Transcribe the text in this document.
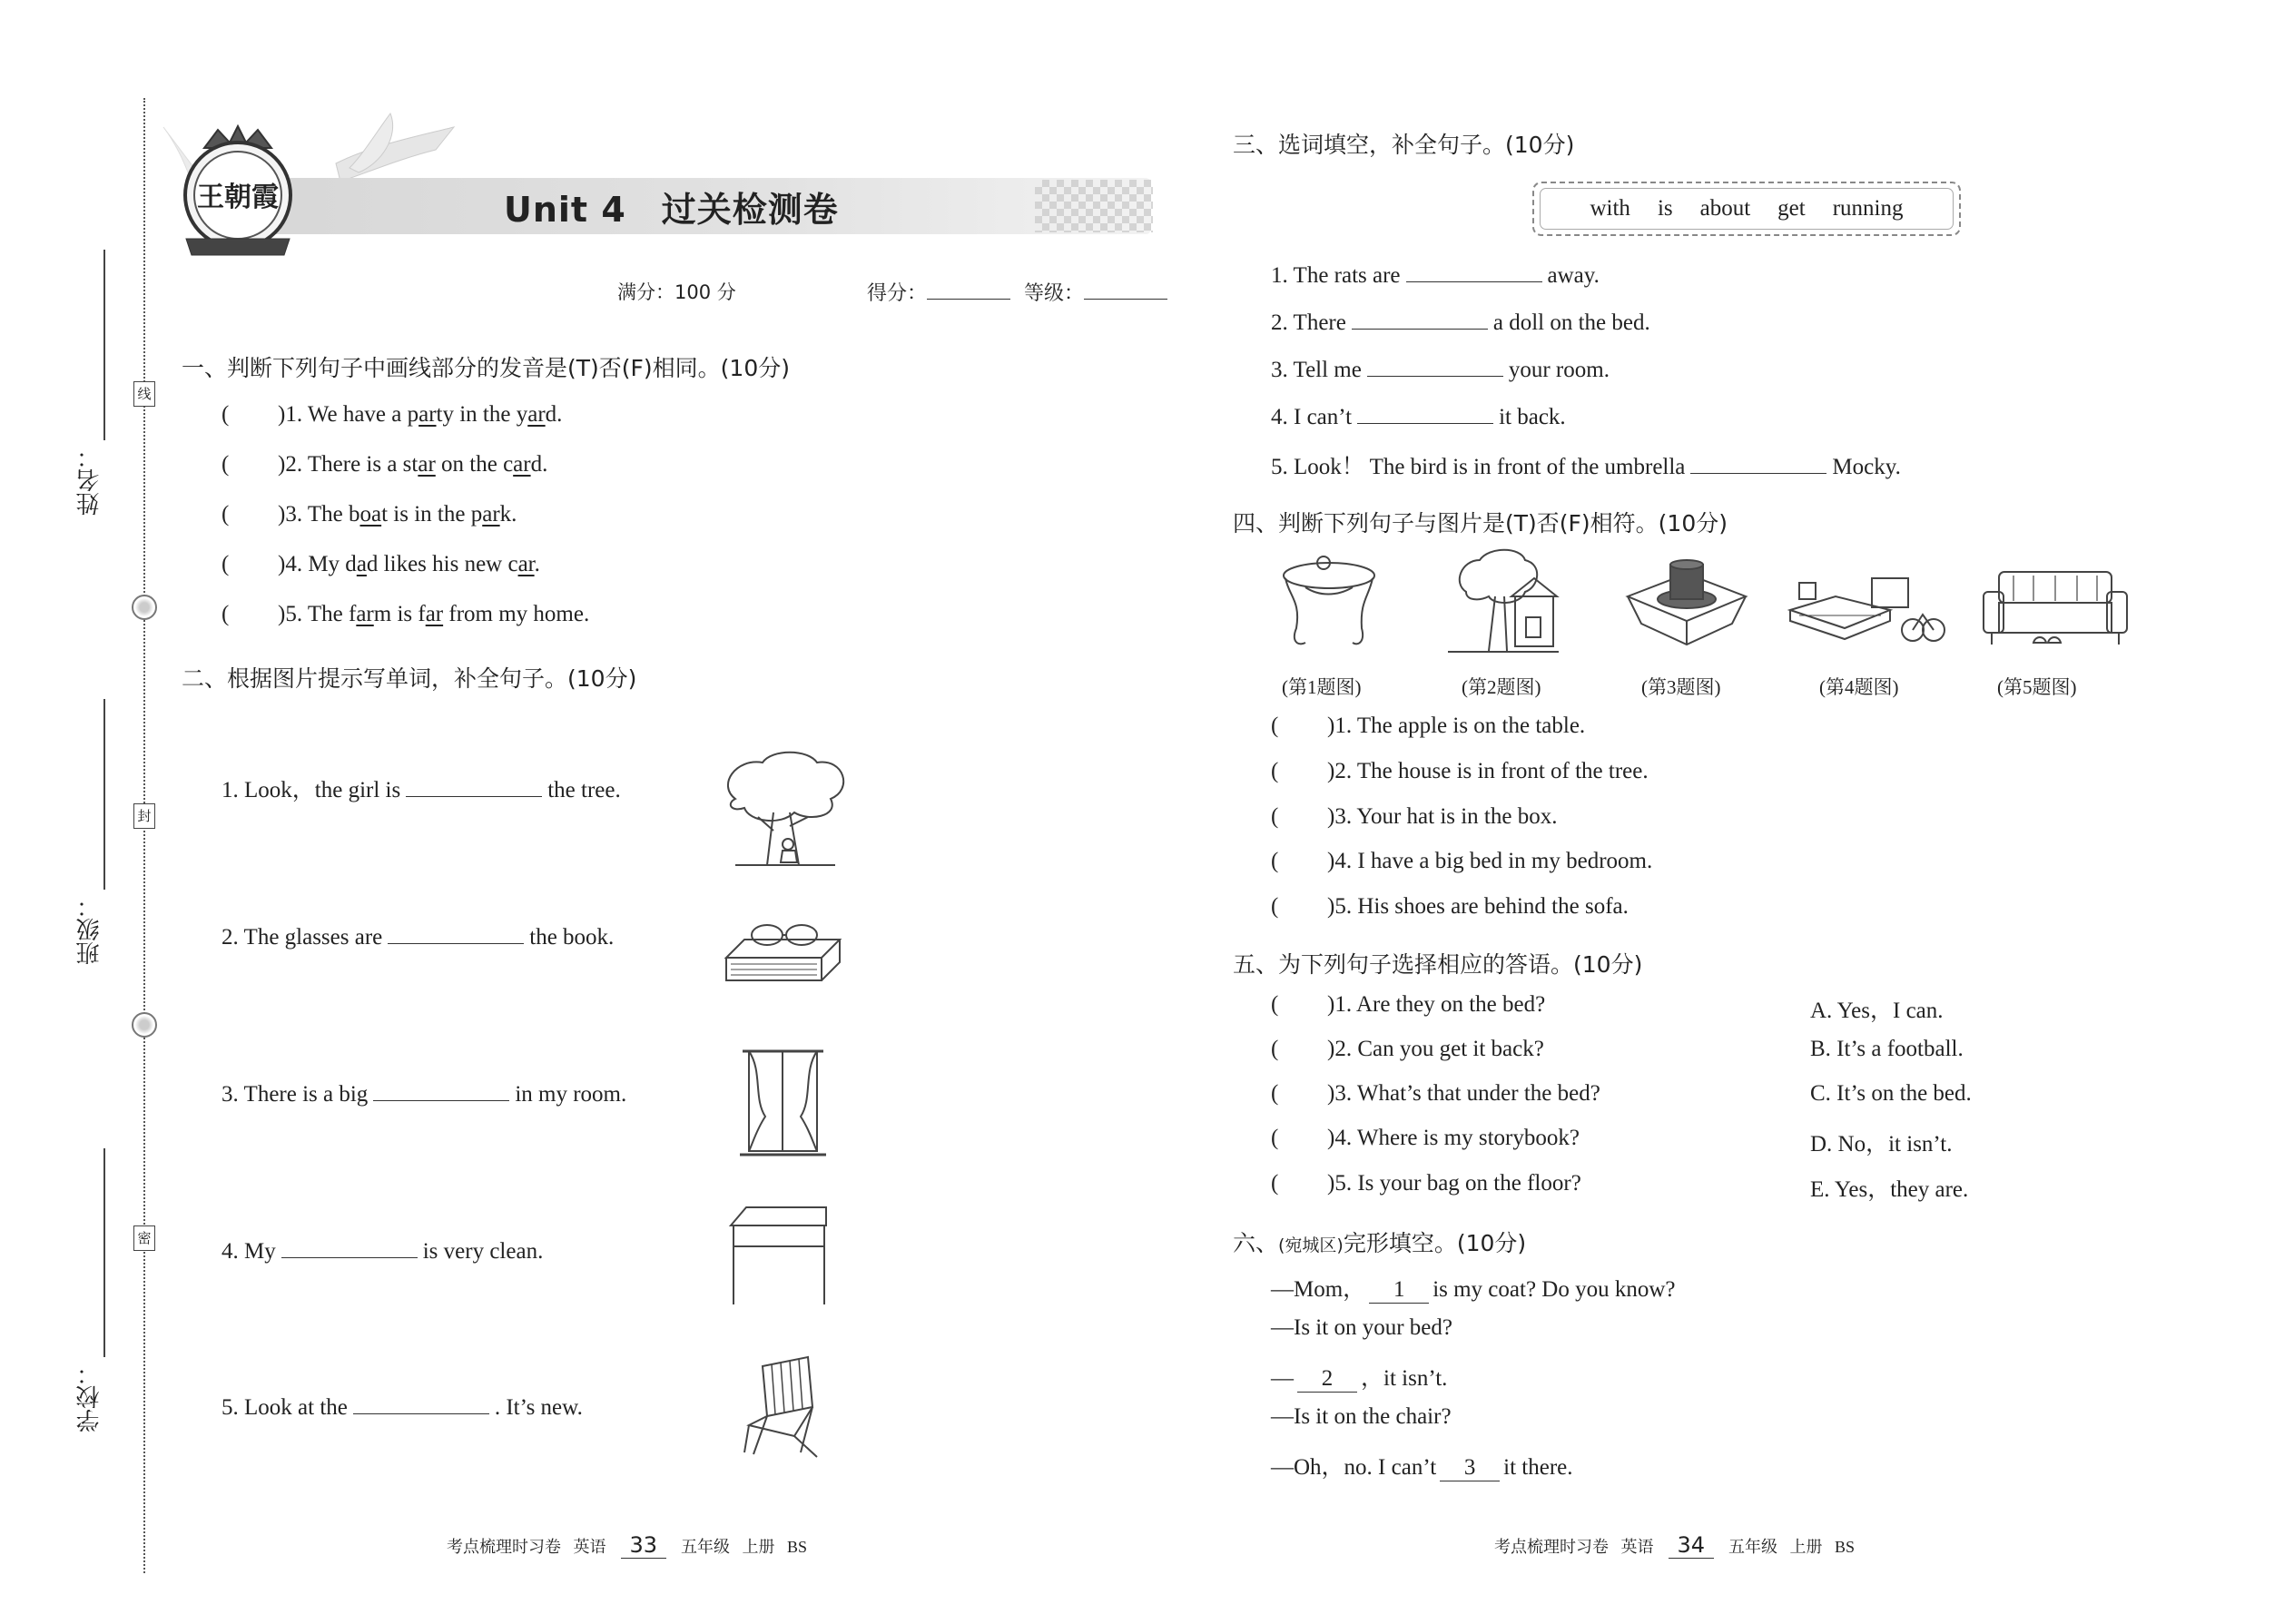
姓名：
班级：
学校：
线
封
密
王朝霞	Unit 4　过关检测卷
满分：100 分	得分：	等级：
一、判断下列句子中画线部分的发音是(T)否(F)相同。(10分)
( )1. We have a party in the yard.
( )2. There is a star on the card.
( )3. The boat is in the park.
( )4. My dad likes his new car.
( )5. The farm is far from my home.
二、根据图片提示写单词，补全句子。(10分)
1. Look，the girl is	the tree.
2. The glasses are	the book.
3. There is a big	in my room.
4. My	is very clean.
5. Look at the	. It’s new.
三、选词填空，补全句子。(10分)
with is about get running
1. The rats are	away.
2. There	a doll on the bed.
3. Tell me	your room.
4. I can’t	it back.
5. Look！ The bird is in front of the umbrella	Mocky.
四、判断下列句子与图片是(T)否(F)相符。(10分)
(第1题图)	(第2题图)	(第3题图)	(第4题图)	(第5题图)
( )1. The apple is on the table.
( )2. The house is in front of the tree.
( )3. Your hat is in the box.
( )4. I have a big bed in my bedroom.
( )5. His shoes are behind the sofa.
五、为下列句子选择相应的答语。(10分)
( )1. Are they on the bed?
( )2. Can you get it back?
( )3. What’s that under the bed?
( )4. Where is my storybook?
( )5. Is your bag on the floor?
A. Yes，I can.
B. It’s a football.
C. It’s on the bed.
D. No，it isn’t.
E. Yes，they are.
六、(宛城区)完形填空。(10分)
—Mom， 1 is my coat? Do you know?
—Is it on your bed?
— 2 ，it isn’t.
—Is it on the chair?
—Oh，no. I can’t 3 it there.
考点梳理时习卷 英语 33 五年级 上册 BS	考点梳理时习卷 英语 34 五年级 上册 BS
